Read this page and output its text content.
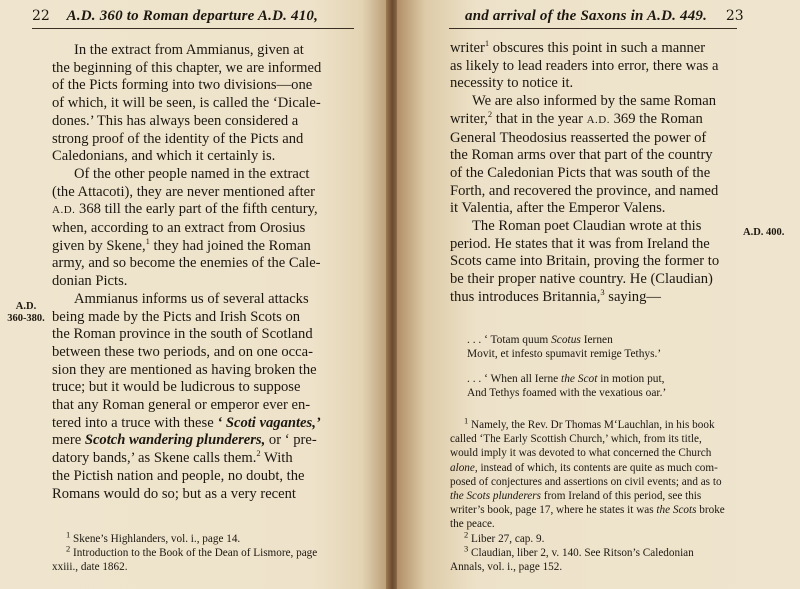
22 A.D. 360 to Roman departure A.D. 410,
A.D.
360-380.
In the extract from Ammianus, given at
the beginning of this chapter, we are informed
of the Picts forming into two divisions—one
of which, it will be seen, is called the ‘Dicale-
dones.’ This has always been considered a
strong proof of the identity of the Picts and
Caledonians, and which it certainly is.
Of the other people named in the extract
(the Attacoti), they are never mentioned after
A.D. 368 till the early part of the fifth century,
when, according to an extract from Orosius
given by Skene,$^1$ they had joined the Roman
army, and so become the enemies of the Cale-
donian Picts.
Ammianus informs us of several attacks
being made by the Picts and Irish Scots on
the Roman province in the south of Scotland
between these two periods, and on one occa-
sion they are mentioned as having broken the
truce; but it would be ludicrous to suppose
that any Roman general or emperor ever en-
tered into a truce with these ‘ Scoti vagantes,’
mere Scotch wandering plunderers, or ‘ pre-
datory bands,’ as Skene calls them.$^2$ With
the Pictish nation and people, no doubt, the
Romans would do so; but as a very recent
$^1$ Skene’s Highlanders, vol. i., page 14.
$^2$ Introduction to the Book of the Dean of Lismore, page
xxiii., date 1862.
and arrival of the Saxons in A.D. 449. 23
A.D. 400.
writer$^1$ obscures this point in such a manner
as likely to lead readers into error, there was a
necessity to notice it.
We are also informed by the same Roman
writer,$^2$ that in the year A.D. 369 the Roman
General Theodosius reasserted the power of
the Roman arms over that part of the country
of the Caledonian Picts that was south of the
Forth, and recovered the province, and named
it Valentia, after the Emperor Valens.
The Roman poet Claudian wrote at this
period. He states that it was from Ireland the
Scots came into Britain, proving the former to
be their proper native country. He (Claudian)
thus introduces Britannia,$^3$ saying—
. . . ‘ Totam quum Scotus Iernen
Movit, et infesto spumavit remige Tethys.’
. . . ‘ When all Ierne the Scot in motion put,
And Tethys foamed with the vexatious oar.’
$^1$ Namely, the Rev. Dr Thomas M‘Lauchlan, in his book
called ‘The Early Scottish Church,’ which, from its title,
would imply it was devoted to what concerned the Church
alone, instead of which, its contents are quite as much com-
posed of conjectures and assertions on civil events; and as to
the Scots plunderers from Ireland of this period, see this
writer’s book, page 17, where he states it was the Scots broke
the peace.
$^2$ Liber 27, cap. 9.
$^3$ Claudian, liber 2, v. 140. See Ritson’s Caledonian
Annals, vol. i., page 152.
